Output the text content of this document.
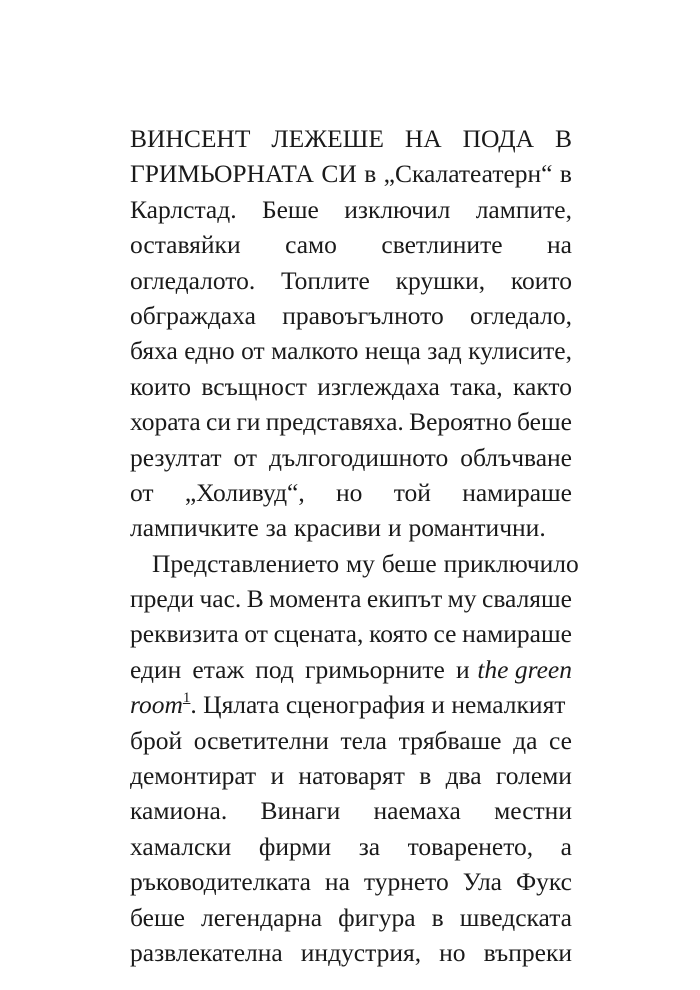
ВИНСЕНТ ЛЕЖЕШЕ НА ПОДА В
ГРИМЬОРНАТА СИ в „Скалатеатерн“ в
Карлстад. Беше изключил лампите,
оставяйки само светлините на
огледалото. Топлите крушки, които
обграждаха правоъгълното огледало,
бяха едно от малкото неща зад кулисите,
които всъщност изглеждаха така, както
хората си ги представяха. Вероятно беше
резултат от дългогодишното облъчване
от „Холивуд“, но той намираше
лампичките за красиви и романтични.
Представлението му беше приключило
преди час. В момента екипът му сваляше
реквизита от сцената, която се намираше
един етаж под гримьорните и the green
room$^1$. Цялата сценография и немалкият
брой осветителни тела трябваше да се
демонтират и натоварят в два големи
камиона. Винаги наемаха местни
хамалски фирми за товаренето, а
ръководителката на турнето Ула Фукс
беше легендарна фигура в шведската
развлекателна индустрия, но въпреки
